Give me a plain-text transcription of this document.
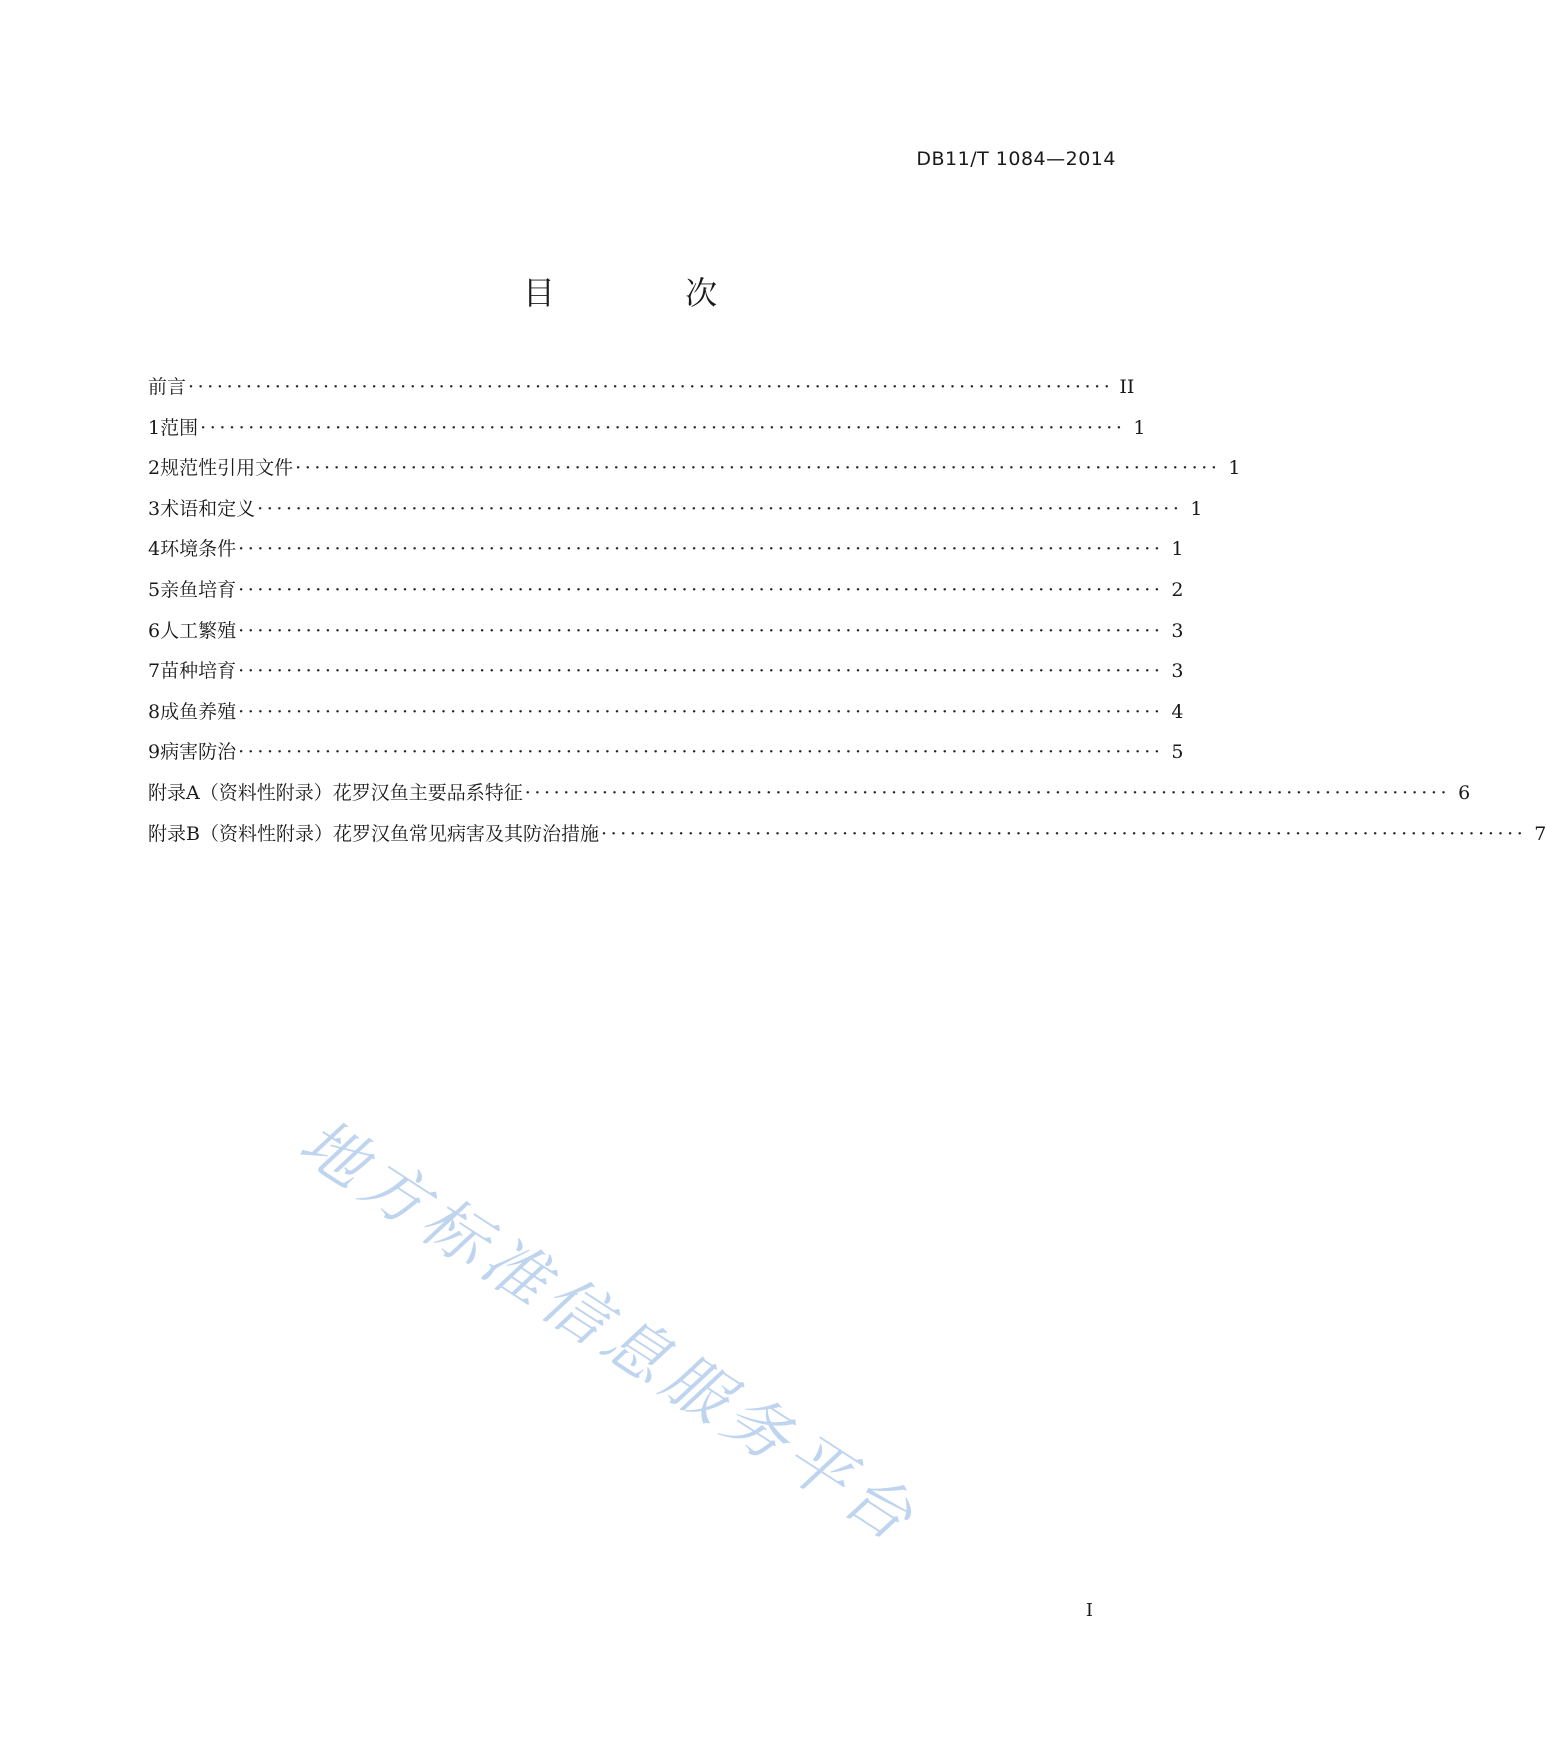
DB11/T 1084—2014
目 次
前言 ································································································ II
1 范围 ································································································ 1
2 规范性引用文件 ································································································ 1
3 术语和定义 ································································································ 1
4 环境条件 ································································································ 1
5 亲鱼培育 ································································································ 2
6 人工繁殖 ································································································ 3
7 苗种培育 ································································································ 3
8 成鱼养殖 ································································································ 4
9 病害防治 ································································································ 5
附录A（资料性附录） 花罗汉鱼主要品系特征 ································································································ 6
附录B（资料性附录） 花罗汉鱼常见病害及其防治措施 ································································································ 7
地方标准信息服务平台
I
